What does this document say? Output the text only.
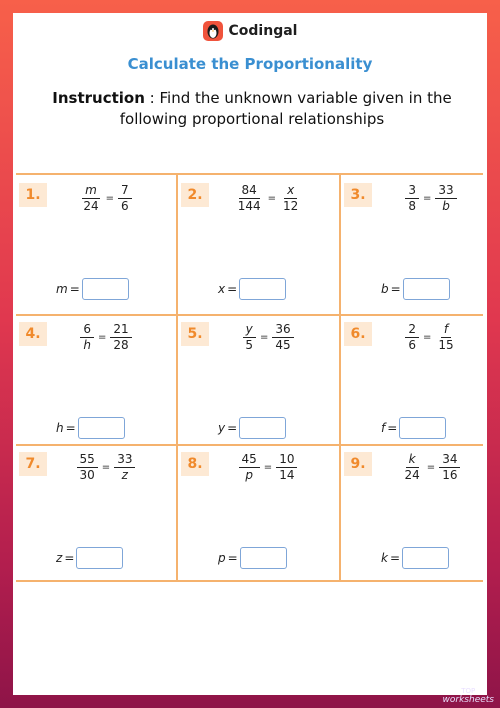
Codingal
Calculate the Proportionality
Instruction : Find the unknown variable given in the following proportional relationships
1.	$\frac{m}{24} = \frac{7}{6}$
m =
2.	$\frac{84}{144} = \frac{x}{12}$
x =
3.	$\frac{3}{8} = \frac{33}{b}$
b =
4.	$\frac{6}{h} = \frac{21}{28}$
h =
5.	$\frac{y}{5} = \frac{36}{45}$
y =
6.	$\frac{2}{6} = \frac{f}{15}$
f =
7.	$\frac{55}{30} = \frac{33}{z}$
z =
8.	$\frac{45}{p} = \frac{10}{14}$
p =
9.	$\frac{k}{24} = \frac{34}{16}$
k =
TOP
worksheets
